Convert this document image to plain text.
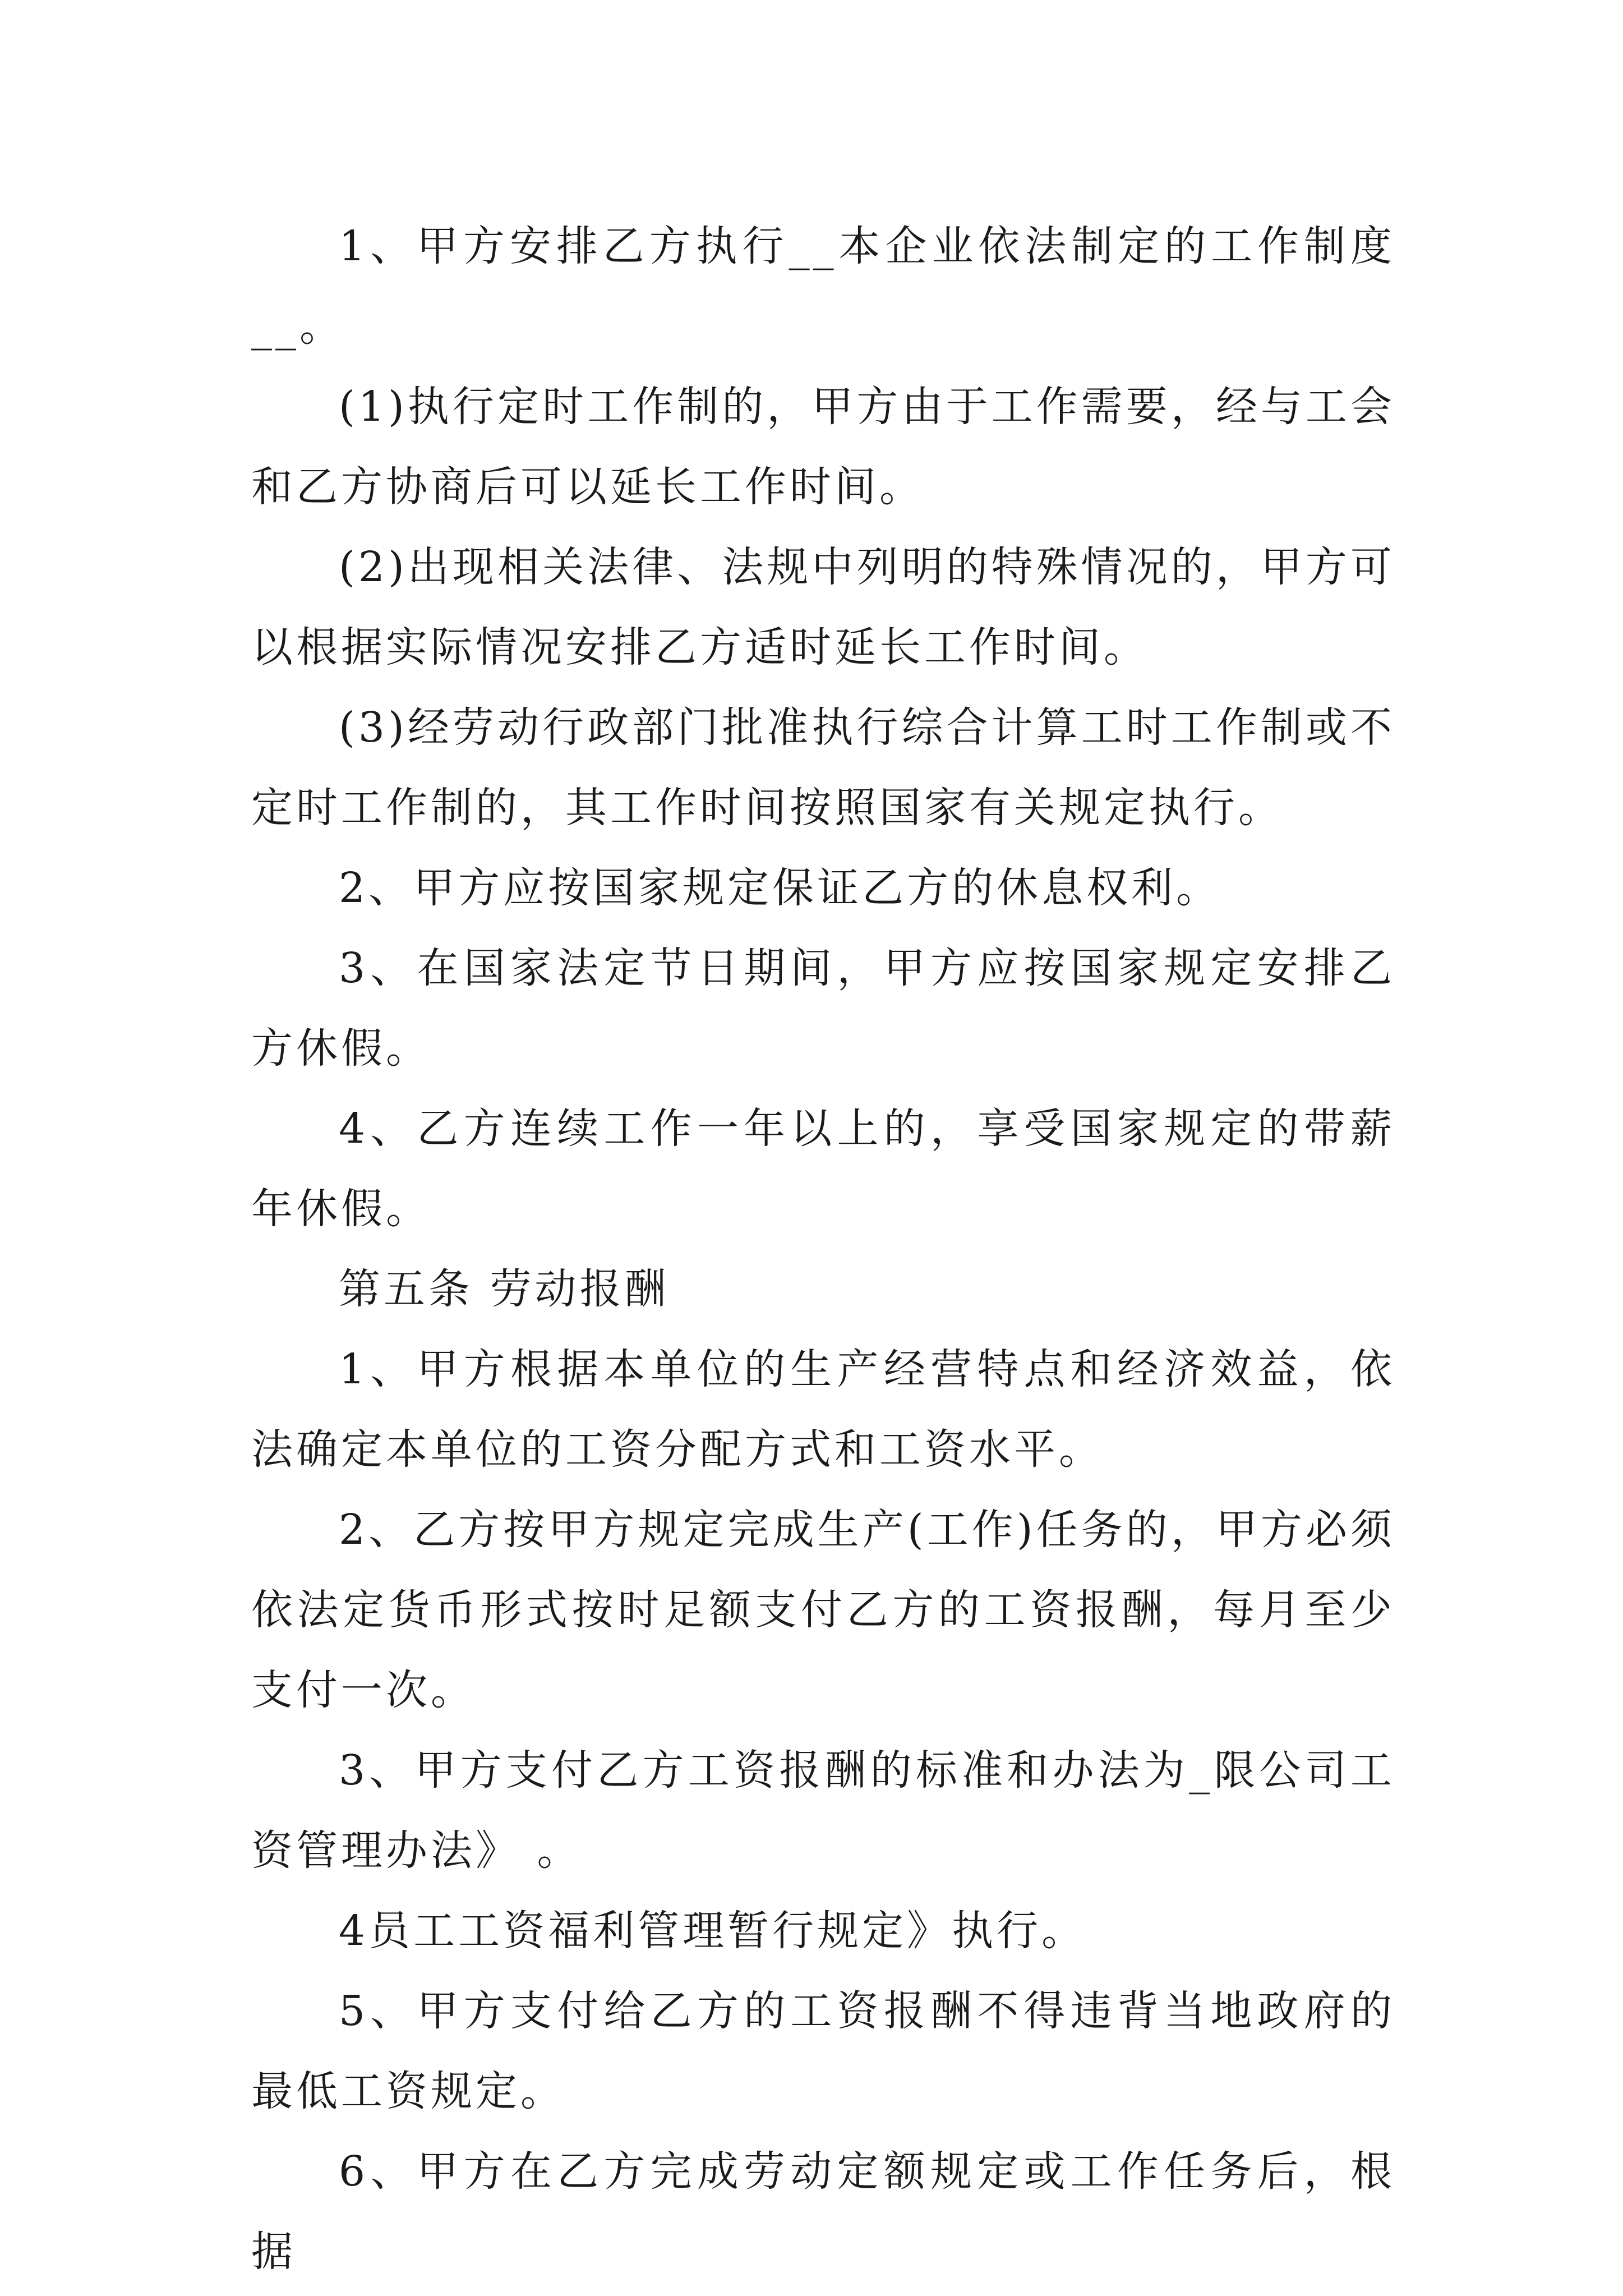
1、甲方安排乙方执行__本企业依法制定的工作制度__。

(1)执行定时工作制的，甲方由于工作需要，经与工会和乙方协商后可以延长工作时间。

(2)出现相关法律、法规中列明的特殊情况的，甲方可以根据实际情况安排乙方适时延长工作时间。

(3)经劳动行政部门批准执行综合计算工时工作制或不定时工作制的，其工作时间按照国家有关规定执行。

2、甲方应按国家规定保证乙方的休息权利。

3、在国家法定节日期间，甲方应按国家规定安排乙方休假。

4、乙方连续工作一年以上的，享受国家规定的带薪年休假。

第五条 劳动报酬

1、甲方根据本单位的生产经营特点和经济效益，依法确定本单位的工资分配方式和工资水平。

2、乙方按甲方规定完成生产(工作)任务的，甲方必须依法定货币形式按时足额支付乙方的工资报酬，每月至少支付一次。

3、甲方支付乙方工资报酬的标准和办法为_限公司工资管理办法》 。

4员工工资福利管理暂行规定》执行。

5、甲方支付给乙方的工资报酬不得违背当地政府的最低工资规定。

6、甲方在乙方完成劳动定额规定或工作任务后，根据
